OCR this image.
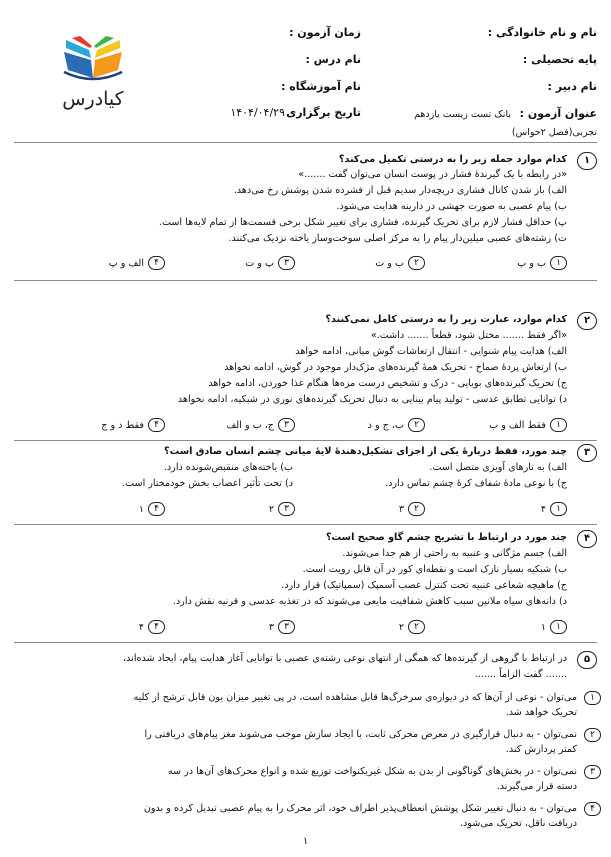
نام و نام خانوادگی :
پایه تحصیلی :
نام دبیر :
زمان آزمون :
نام درس :
نام آموزشگاه :
عنوان آزمون :
بانک تست زیست یازدهم
تجربی(فصل ۲حواس)
تاریخ برگزاری
۱۴۰۴/۰۴/۲۹
کیادرس
۱
کدام موارد جمله زیر را به درستی تکمیل می‌کند؟
«در رابطه با یک گیرندهٔ فشار در پوست انسان می‌توان گفت .......»
الف) باز شدن کانال فشاری دریچه‌دار سدیم قبل از فشرده شدن پوشش رخ می‌دهد.
ب) پیام عصبی به صورت جهشی در دارینه هدایت می‌شود.
پ) حداقل فشار لازم برای تحریک گیرنده، فشاری برای تغییر شکل برخی قسمت‌ها از تمام لایه‌ها است.
ت) رشته‌های عصبی میلین‌دار پیام را به مرکز اصلی سوخت‌وساز یاخته نزدیک می‌کنند.
۱ب و پ
۲ب و ت
۳پ و ت
۴الف و پ
۲
کدام موارد، عبارت زیر را به درستی کامل نمی‌کنند؟
«اگر فقط ....... مختل شود، قطعاً ....... داشت.»
الف) هدایت پیام شنوایی - انتقال ارتعاشات گوش میانی، ادامه خواهد
ب) ارتعاش پردهٔ صماخ - تحریک همهٔ گیرنده‌های مژک‌دار موجود در گوش، ادامه نخواهد
ج) تحریک گیرنده‌های بویایی - درک و تشخیص درست مزه‌ها هنگام غذا خوردن، ادامه خواهد
د) توانایی تطابق عدسی - تولید پیام بینایی به دنبال تحریک گیرنده‌های نوری در شبکیه، ادامه نخواهد
۱فقط الف و ب
۲ب، ج و د
۳ج، ب و الف
۴فقط د و ج
۳
چند مورد، فقط دربارهٔ یکی از اجزای تشکیل‌دهندهٔ لایهٔ میانی چشم انسان صادق است؟
الف) به تارهای آویزی متصل است.
ب) یاخته‌های منقبض‌شونده دارد.
ج) با نوعی مادهٔ شفاف کرهٔ چشم تماس دارد.
د) تحت تأثیر اعصاب بخش خودمختار است.
۱۴
۲۳
۳۲
۴۱
۴
چند مورد در ارتباط با تشریح چشم گاو صحیح است؟
الف) جسم مژگانی و عنبیه به راحتی از هم جدا می‌شوند.
ب) شبکیه بسیار نازک است و نقطه‌ای کور در آن قابل رویت است.
ج) ماهیچه شعاعی عنبیه تحت کنترل عصب آسمپک (سمپاتیک) قرار دارد.
د) دانه‌های سیاه ملانین سبب کاهش شفافیت مایعی می‌شوند که در تغذیه عدسی و قرنیه نقش دارد.
۱۱
۲۲
۳۳
۴۴
۵
در ارتباط با گروهی از گیرنده‌ها که همگی از انتهای نوعی رشته‌ی عصبی با توانایی آغاز هدایت پیام، ایجاد شده‌اند،
....... گفت الزاماً .......
۱
می‌توان - نوعی از آن‌ها که در دیواره‌ی سرخرگ‌ها قابل مشاهده است، در پی تغییر میزان یون قابل ترشح از کلیه
تحریک خواهد شد.
۲
نمی‌توان - به دنبال قرارگیری در معرض محرکی ثابت، با ایجاد سازش موجب می‌شوند مغز پیام‌های دریافتی را
کمتر پردازش کند.
۳
نمی‌توان - در بخش‌های گوناگونی از بدن به شکل غیریکنواخت توزیع شده و انواع محرک‌های آن‌ها در سه
دسته قرار می‌گیرند.
۴
می‌توان - به دنبال تغییر شکل پوشش انعطاف‌پذیر اطراف خود، اثر محرک را به پیام عصبی تبدیل کرده و بدون
دریافت ناقل، تحریک می‌شود.
۱
